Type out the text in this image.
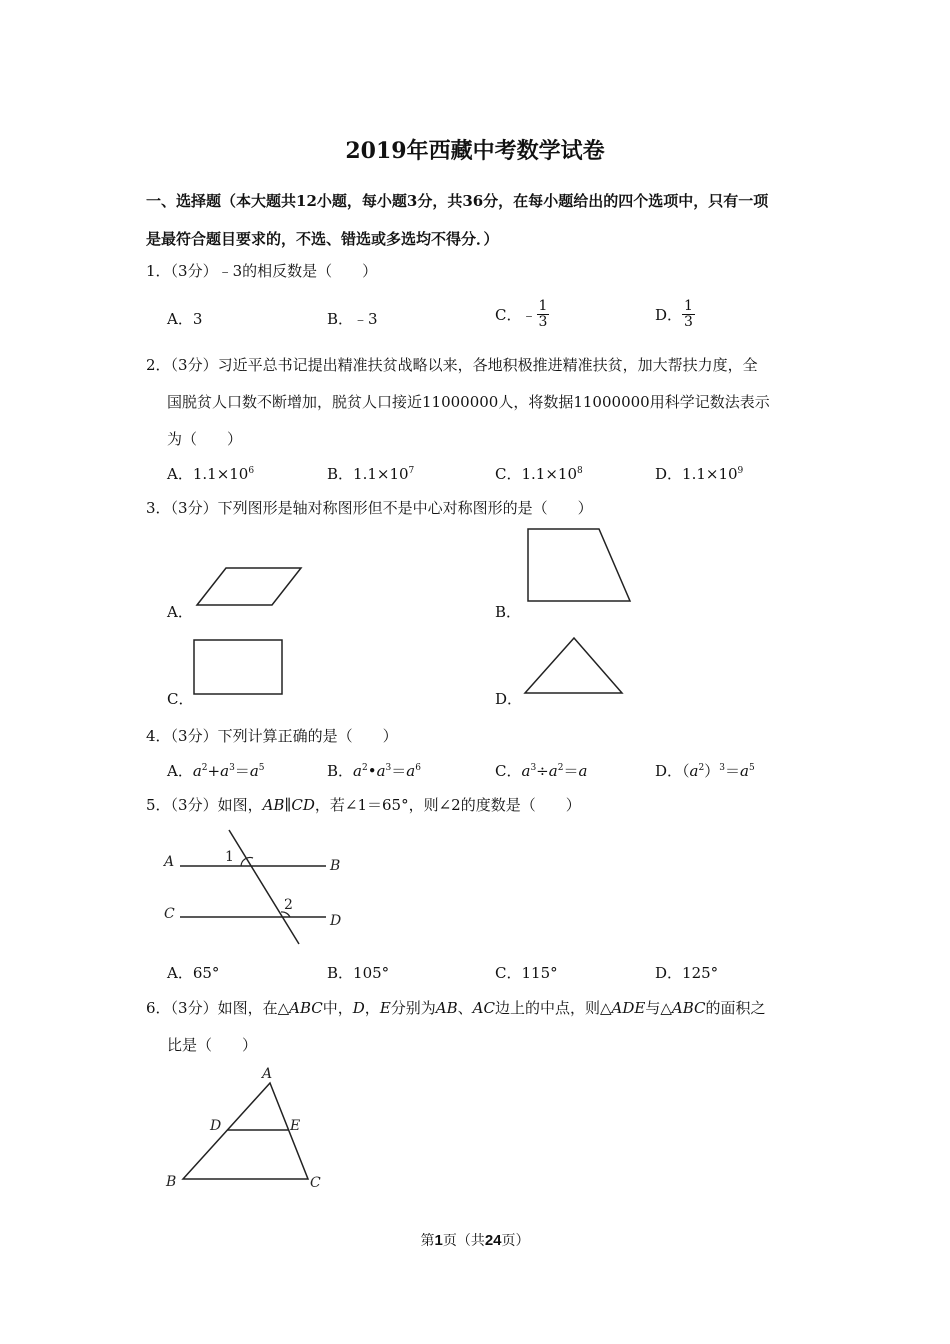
2019年西藏中考数学试卷
一、选择题（本大题共12小题，每小题3分，共36分，在每小题给出的四个选项中，只有一项
是最符合题目要求的，不选、错选或多选均不得分．）
1．（3分）﹣3的相反数是（　　）
A．3	B．﹣3	C．﹣ $\frac{1}{3}$	D． $\frac{1}{3}$
2．（3分）习近平总书记提出精准扶贫战略以来，各地积极推进精准扶贫，加大帮扶力度，全
国脱贫人口数不断增加，脱贫人口接近11000000人，将数据11000000用科学记数法表示
为（　　）
A．$1.1\times 10^6$	B．$1.1\times 10^7$	C．$1.1\times 10^8$	D．$1.1\times 10^9$
3．（3分）下列图形是轴对称图形但不是中心对称图形的是（　　）
A．	B．
C．	D．
4．（3分）下列计算正确的是（　　）
A．$a^2+a^3=a^5$	B．$a^2•a^3=a^6$	C．$a^3\div a^2=a$	D．$(a^2)^3=a^5$
5．（3分）如图，AB∥CD，若∠1＝65°，则∠2的度数是（　　）
A	B
C	D
1
2
A．65°	B．105°	C．115°	D．125°
6．（3分）如图，在△ABC中，D，E分别为AB、AC边上的中点，则△ADE与△ABC的面积之
比是（　　）
A
D	E
B	C
第1页（共24页）
